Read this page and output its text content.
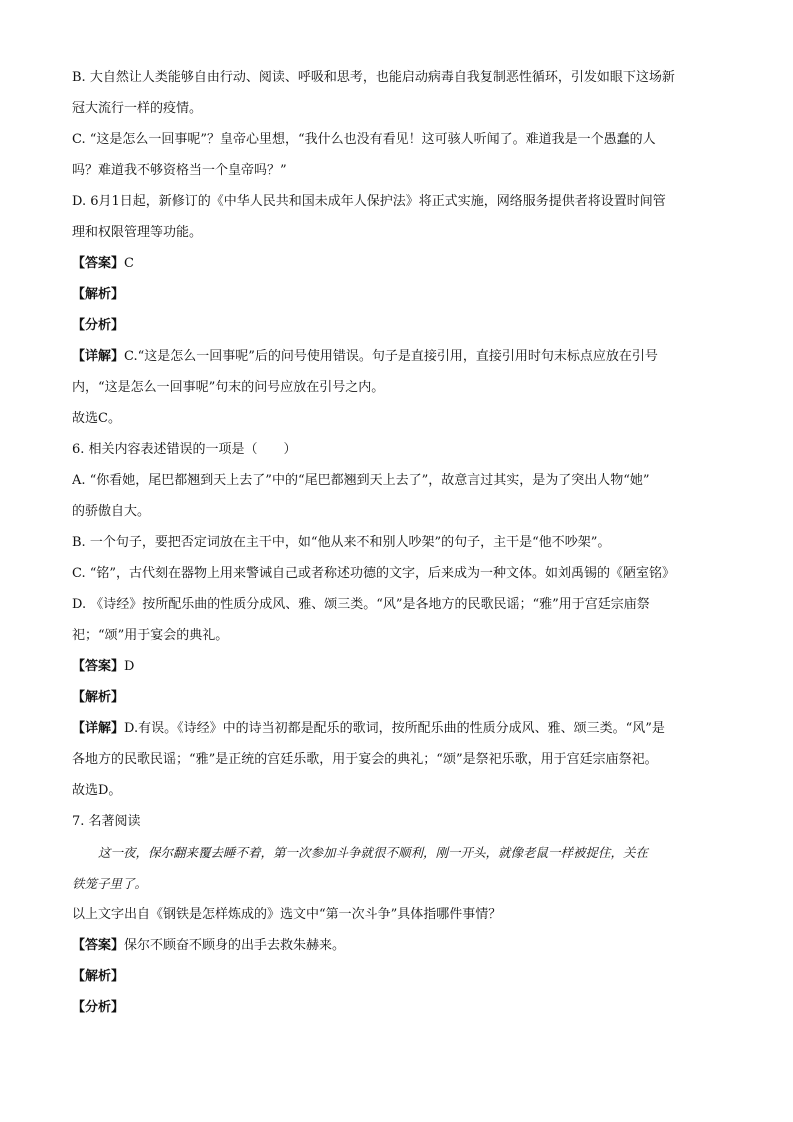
B. 大自然让人类能够自由行动、阅读、呼吸和思考，也能启动病毒自我复制恶性循环，引发如眼下这场新
冠大流行一样的疫情。
C. “这是怎么一回事呢”？皇帝心里想，“我什么也没有看见！这可骇人听闻了。难道我是一个愚蠢的人
吗？难道我不够资格当一个皇帝吗？”
D. 6月1日起，新修订的《中华人民共和国未成年人保护法》将正式实施，网络服务提供者将设置时间管
理和权限管理等功能。
【答案】C
【解析】
【分析】
【详解】C.“这是怎么一回事呢”后的问号使用错误。句子是直接引用，直接引用时句末标点应放在引号
内，“这是怎么一回事呢”句末的问号应放在引号之内。
故选C。
6. 相关内容表述错误的一项是（　　）
A. “你看她，尾巴都翘到天上去了”中的“尾巴都翘到天上去了”，故意言过其实，是为了突出人物“她”
的骄傲自大。
B. 一个句子，要把否定词放在主干中，如“他从来不和别人吵架”的句子，主干是“他不吵架”。
C. “铭”，古代刻在器物上用来警诫自己或者称述功德的文字，后来成为一种文体。如刘禹锡的《陋室铭》
D. 《诗经》按所配乐曲的性质分成风、雅、颂三类。“风”是各地方的民歌民谣；“雅”用于宫廷宗庙祭
祀；“颂”用于宴会的典礼。
【答案】D
【解析】
【详解】D.有误。《诗经》中的诗当初都是配乐的歌词，按所配乐曲的性质分成风、雅、颂三类。“风”是
各地方的民歌民谣；“雅”是正统的宫廷乐歌，用于宴会的典礼；“颂”是祭祀乐歌，用于宫廷宗庙祭祀。
故选D。
7. 名著阅读
这一夜，保尔翻来覆去睡不着，第一次参加斗争就很不顺利，刚一开头，就像老鼠一样被捉住，关在
铁笼子里了。
以上文字出自《钢铁是怎样炼成的》选文中“第一次斗争”具体指哪件事情？
【答案】保尔不顾奋不顾身的出手去救朱赫来。
【解析】
【分析】
